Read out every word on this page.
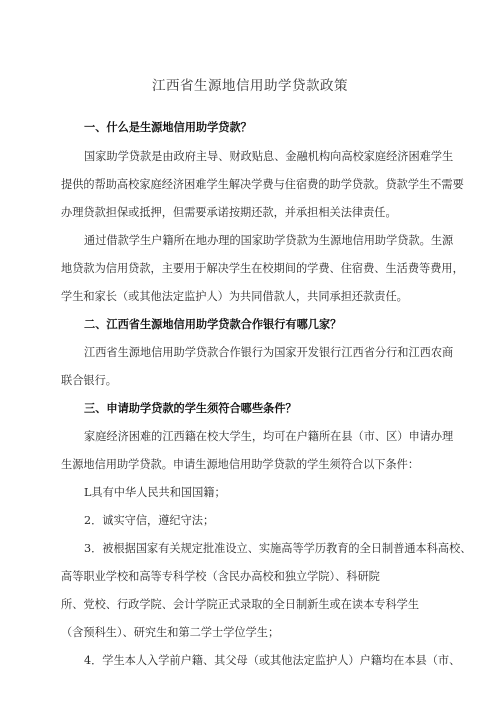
江西省生源地信用助学贷款政策
一、什么是生源地信用助学贷款？
国家助学贷款是由政府主导、财政贴息、金融机构向高校家庭经济困难学生
提供的帮助高校家庭经济困难学生解决学费与住宿费的助学贷款。贷款学生不需要
办理贷款担保或抵押，但需要承诺按期还款，并承担相关法律责任。
通过借款学生户籍所在地办理的国家助学贷款为生源地信用助学贷款。生源
地贷款为信用贷款，主要用于解决学生在校期间的学费、住宿费、生活费等费用，
学生和家长（或其他法定监护人）为共同借款人，共同承担还款责任。
二、江西省生源地信用助学贷款合作银行有哪几家？
江西省生源地信用助学贷款合作银行为国家开发银行江西省分行和江西农商
联合银行。
三、申请助学贷款的学生须符合哪些条件？
家庭经济困难的江西籍在校大学生，均可在户籍所在县（市、区）申请办理
生源地信用助学贷款。申请生源地信用助学贷款的学生须符合以下条件：
L具有中华人民共和国国籍；
2．诚实守信，遵纪守法；
3．被根据国家有关规定批准设立、实施高等学历教育的全日制普通本科高校、
高等职业学校和高等专科学校（含民办高校和独立学院）、科研院
所、党校、行政学院、会计学院正式录取的全日制新生或在读本专科学生
（含预科生）、研究生和第二学士学位学生；
4．学生本人入学前户籍、其父母（或其他法定监护人）户籍均在本县（市、
